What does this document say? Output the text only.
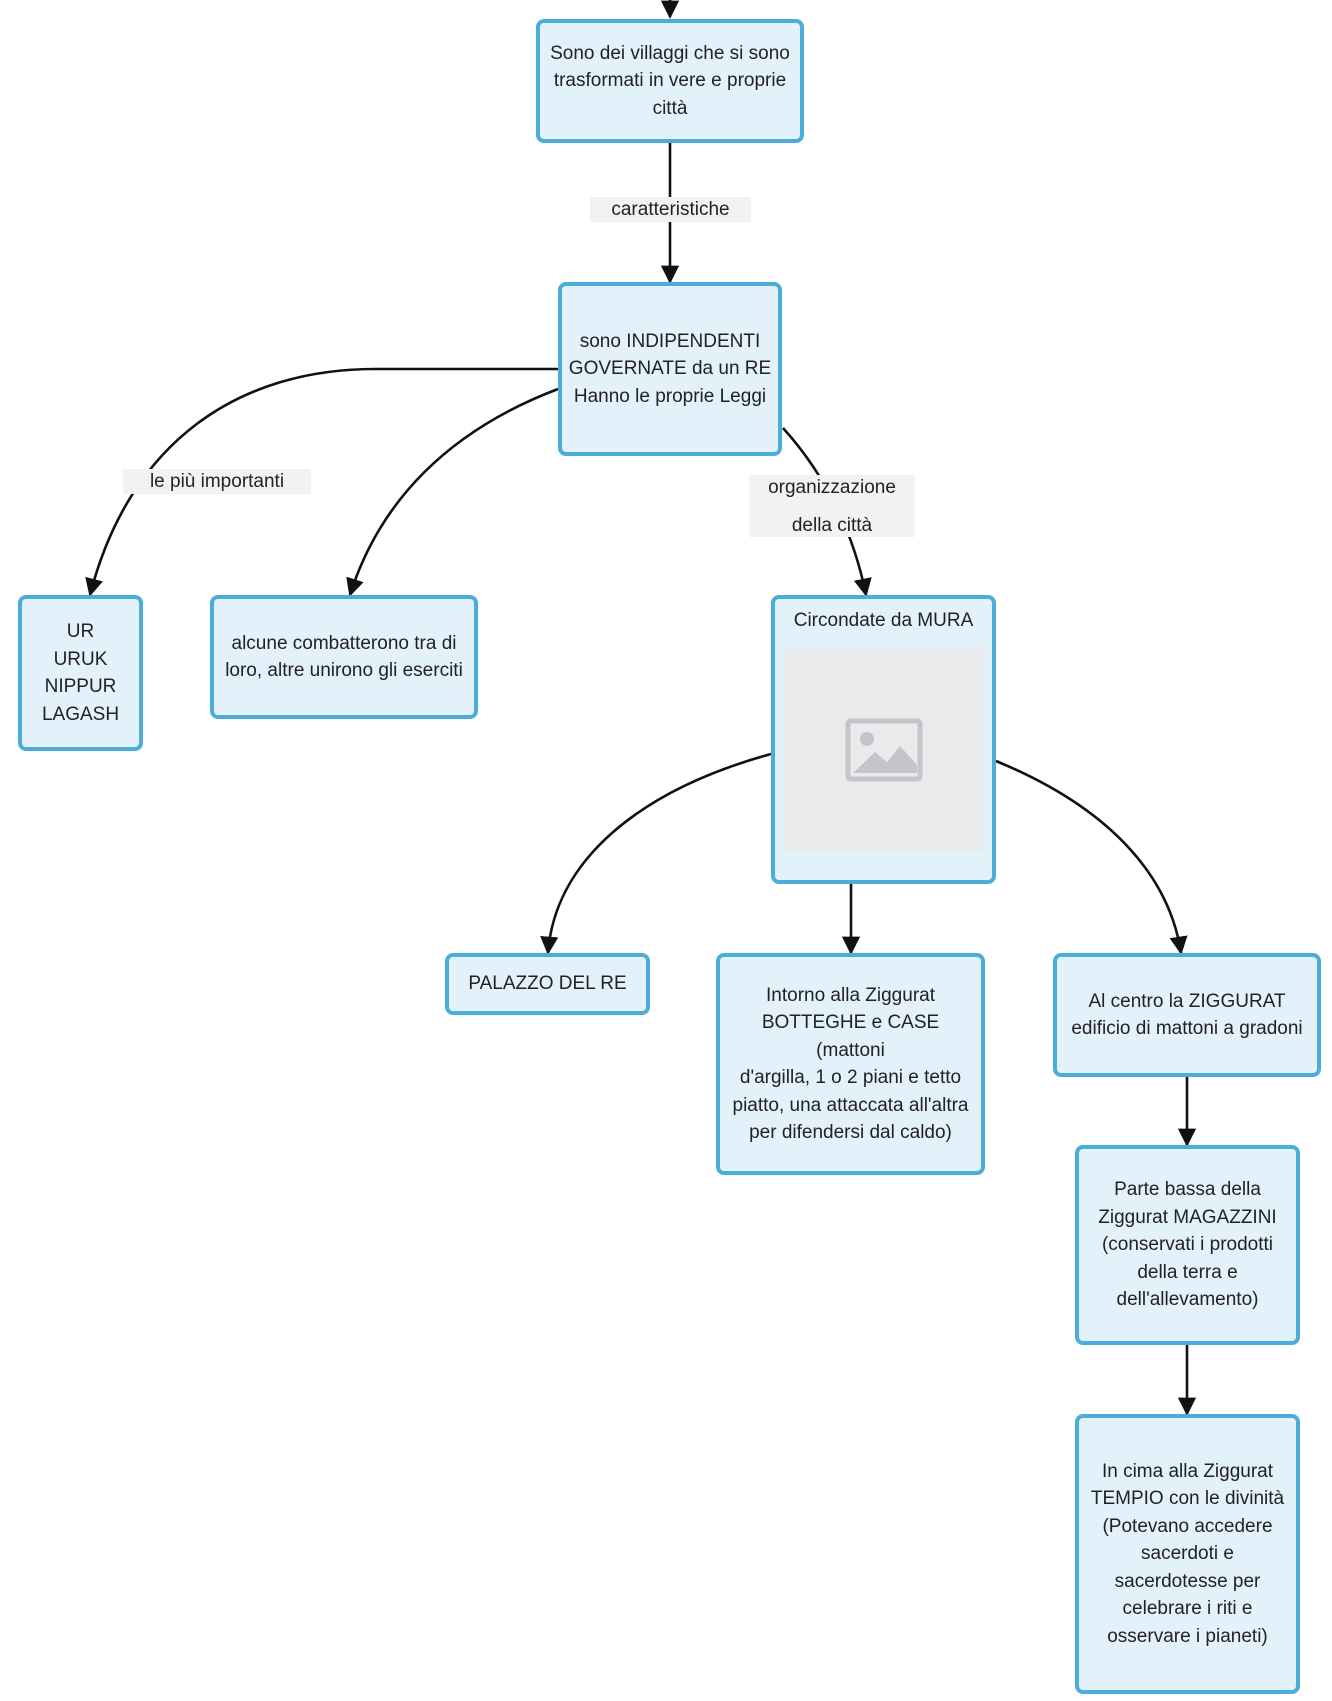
caratteristiche
le più importanti	organizzazione

della città
Sono dei villaggi che si sono
trasformati in vere e proprie
città
sono INDIPENDENTI
GOVERNATE da un RE
Hanno le proprie Leggi
UR
URUK
NIPPUR
LAGASH
alcune combatterono tra di
loro, altre unirono gli eserciti
Circondate da MURA
PALAZZO DEL RE
Intorno alla Ziggurat
BOTTEGHE e CASE (mattoni
d'argilla, 1 o 2 piani e tetto
piatto, una attaccata all'altra
per difendersi dal caldo)
Al centro la ZIGGURAT
edificio di mattoni a gradoni
Parte bassa della
Ziggurat MAGAZZINI
(conservati i prodotti
della terra e
dell'allevamento)
In cima alla Ziggurat
TEMPIO con le divinità
(Potevano accedere
sacerdoti e
sacerdotesse per
celebrare i riti e
osservare i pianeti)
